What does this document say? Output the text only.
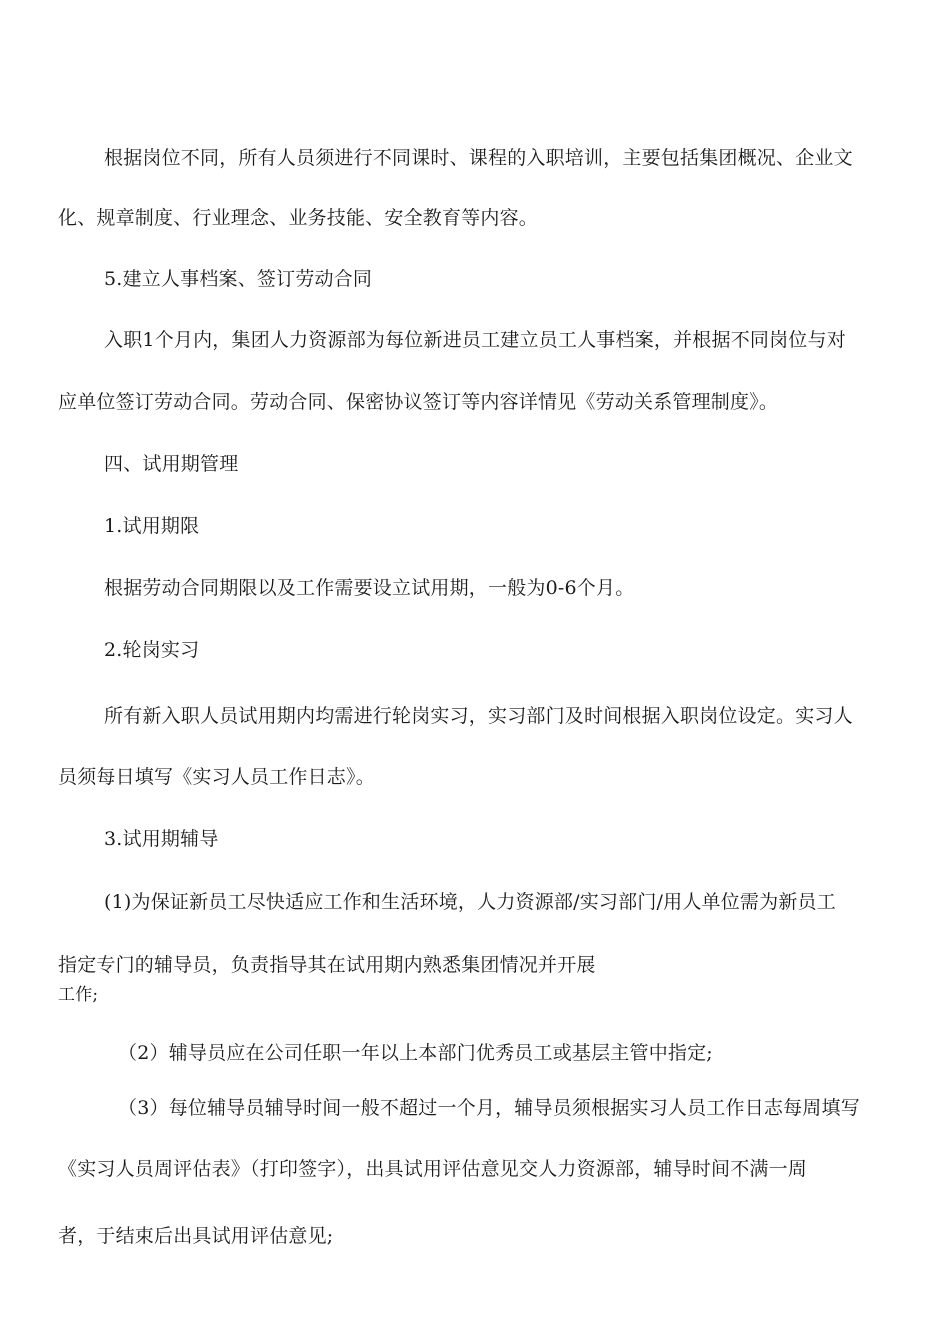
根据岗位不同，所有人员须进行不同课时、课程的入职培训，主要包括集团概况、企业文
化、规章制度、行业理念、业务技能、安全教育等内容。
5.建立人事档案、签订劳动合同
入职1个月内，集团人力资源部为每位新进员工建立员工人事档案，并根据不同岗位与对
应单位签订劳动合同。劳动合同、保密协议签订等内容详情见《劳动关系管理制度》。
四、试用期管理
1.试用期限
根据劳动合同期限以及工作需要设立试用期，一般为0-6个月。
2.轮岗实习
所有新入职人员试用期内均需进行轮岗实习，实习部门及时间根据入职岗位设定。实习人
员须每日填写《实习人员工作日志》。
3.试用期辅导
(1)为保证新员工尽快适应工作和生活环境，人力资源部/实习部门/用人单位需为新员工
指定专门的辅导员，负责指导其在试用期内熟悉集团情况并开展
工作;
（2）辅导员应在公司任职一年以上本部门优秀员工或基层主管中指定;
（3）每位辅导员辅导时间一般不超过一个月，辅导员须根据实习人员工作日志每周填写
《实习人员周评估表》（打印签字），出具试用评估意见交人力资源部，辅导时间不满一周
者，于结束后出具试用评估意见;
